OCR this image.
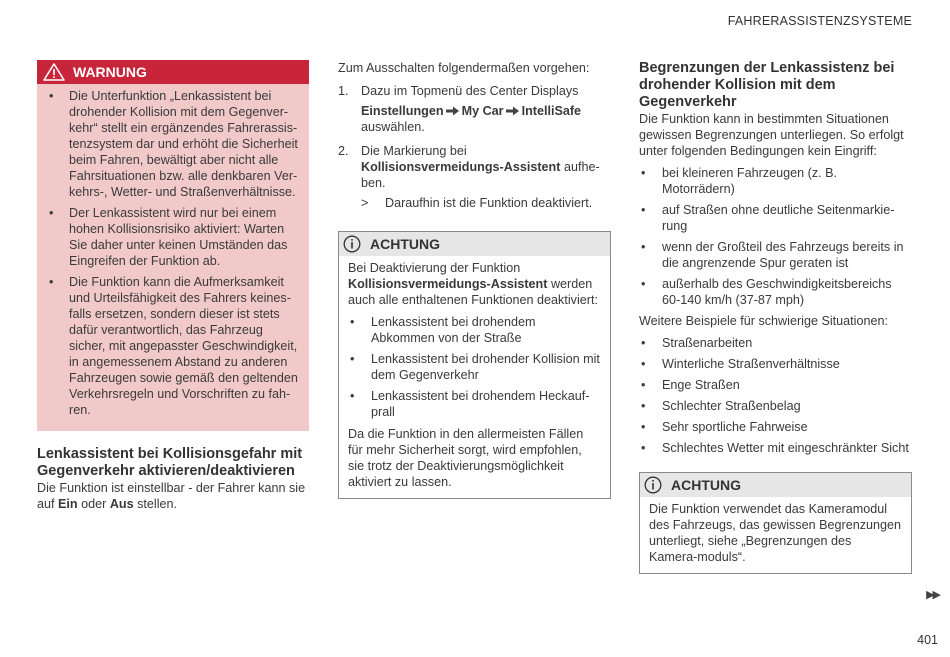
FAHRERASSISTENZSYSTEME
WARNUNG
• Die Unterfunktion „Lenkassistent bei drohender Kollision mit dem Gegenver-kehr“ stellt ein ergänzendes Fahrerassis-tenzsystem dar und erhöht die Sicherheit beim Fahren, bewältigt aber nicht alle Fahrsituationen bzw. alle denkbaren Ver-kehrs-, Wetter- und Straßenverhältnisse.
• Der Lenkassistent wird nur bei einem hohen Kollisionsrisiko aktiviert: Warten Sie daher unter keinen Umständen das Eingreifen der Funktion ab.
• Die Funktion kann die Aufmerksamkeit und Urteilsfähigkeit des Fahrers keines-falls ersetzen, sondern dieser ist stets dafür verantwortlich, das Fahrzeug sicher, mit angepasster Geschwindigkeit, in angemessenem Abstand zu anderen Fahrzeugen sowie gemäß den geltenden Verkehrsregeln und Vorschriften zu fah-ren.
Lenkassistent bei Kollisionsgefahr mit Gegenverkehr aktivieren/deaktivieren

Die Funktion ist einstellbar - der Fahrer kann sie auf Ein oder Aus stellen.

Zum Ausschalten folgendermaßen vorgehen:

1. Dazu im Topmenü des Center Displays
Einstellungen My Car IntelliSafe
auswählen.
2. Die Markierung bei Kollisionsvermeidungs-Assistent aufhe-ben.
> Daraufhin ist die Funktion deaktiviert.
ACHTUNG

Bei Deaktivierung der Funktion Kollisionsvermeidungs-Assistent werden auch alle enthaltenen Funktionen deaktiviert:

• Lenkassistent bei drohendem Abkommen von der Straße
• Lenkassistent bei drohender Kollision mit dem Gegenverkehr
• Lenkassistent bei drohendem Heckauf-prall

Da die Funktion in den allermeisten Fällen für mehr Sicherheit sorgt, wird empfohlen, sie trotz der Deaktivierungsmöglichkeit aktiviert zu lassen.

Begrenzungen der Lenkassistenz bei drohender Kollision mit dem Gegenverkehr

Die Funktion kann in bestimmten Situationen gewissen Begrenzungen unterliegen. So erfolgt unter folgenden Bedingungen kein Eingriff:

• bei kleineren Fahrzeugen (z. B. Motorrädern)
• auf Straßen ohne deutliche Seitenmarkie-rung
• wenn der Großteil des Fahrzeugs bereits in die angrenzende Spur geraten ist
• außerhalb des Geschwindigkeitsbereichs 60-140 km/h (37-87 mph)

Weitere Beispiele für schwierige Situationen:

• Straßenarbeiten
• Winterliche Straßenverhältnisse
• Enge Straßen
• Schlechter Straßenbelag
• Sehr sportliche Fahrweise
• Schlechtes Wetter mit eingeschränkter Sicht
ACHTUNG

Die Funktion verwendet das Kameramodul des Fahrzeugs, das gewissen Begrenzungen unterliegt, siehe „Begrenzungen des Kamera-moduls“.

▶▶
401
